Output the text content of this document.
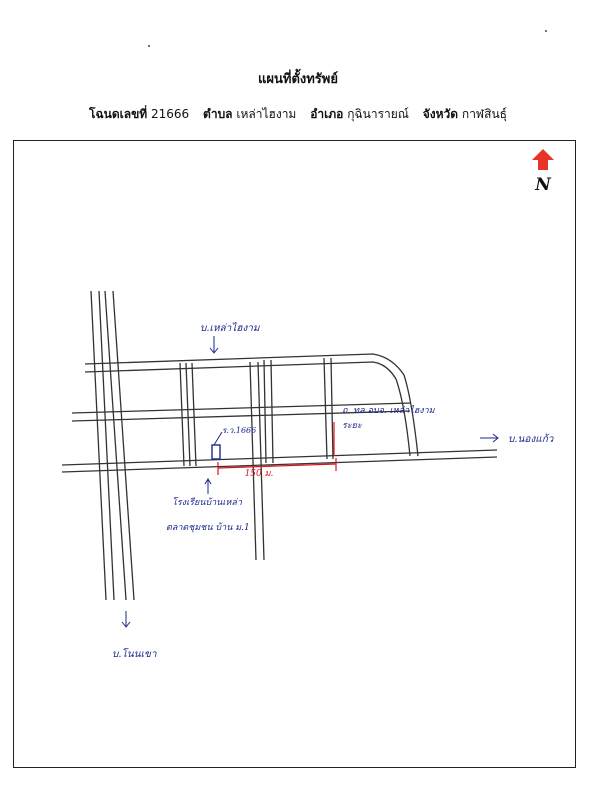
แผนที่ตั้งทรัพย์
โฉนดเลขที่ 21666 ตำบล เหล่าไฮงาม อำเภอ กุฉินารายณ์ จังหวัด กาฬสินธุ์
N
ร.ว.1666
บ.เหล่าไฮงาม
ถ. ทล.อบจ. เหล่าไฮงาม
ระยะ
150 ม.
บ.นองแก้ว
โรงเรียนบ้านเหล่า
ตลาดชุมชน บ้าน ม.1
บ.โนนเขา
